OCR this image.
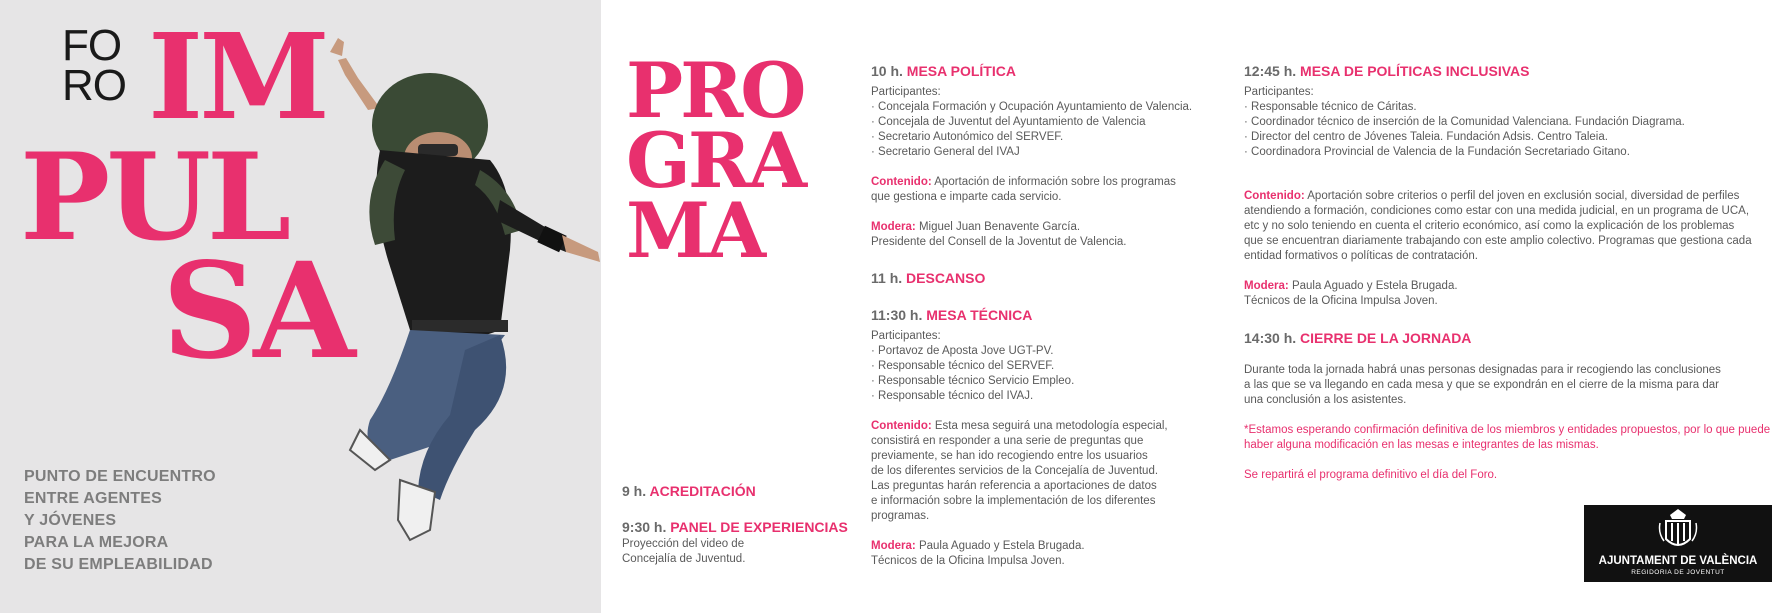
FO
RO IM
PUL
SA
PUNTO DE ENCUENTRO
ENTRE AGENTES
Y JÓVENES
PARA LA MEJORA
DE SU EMPLEABILIDAD
PRO
GRA
MA
9 h. ACREDITACIÓN
9:30 h. PANEL DE EXPERIENCIAS
Proyección del video de
Concejalía de Juventud.
10 h. MESA POLÍTICA
Participantes:
· Concejala Formación y Ocupación Ayuntamiento de Valencia.
· Concejala de Juventut del Ayuntamiento de Valencia
· Secretario Autonómico del SERVEF.
· Secretario General del IVAJ
Contenido: Aportación de información sobre los programas
que gestiona e imparte cada servicio.
Modera: Miguel Juan Benavente García.
Presidente del Consell de la Joventut de Valencia.
11 h. DESCANSO
11:30 h. MESA TÉCNICA
Participantes:
· Portavoz de Aposta Jove UGT-PV.
· Responsable técnico del SERVEF.
· Responsable técnico Servicio Empleo.
· Responsable técnico del IVAJ.
Contenido: Esta mesa seguirá una metodología especial,
consistirá en responder a una serie de preguntas que
previamente, se han ido recogiendo entre los usuarios
de los diferentes servicios de la Concejalía de Juventud.
Las preguntas harán referencia a aportaciones de datos
e información sobre la implementación de los diferentes
programas.
Modera: Paula Aguado y Estela Brugada.
Técnicos de la Oficina Impulsa Joven.
12:45 h. MESA DE POLÍTICAS INCLUSIVAS
Participantes:
· Responsable técnico de Cáritas.
· Coordinador técnico de inserción de la Comunidad Valenciana. Fundación Diagrama.
· Director del centro de Jóvenes Taleia. Fundación Adsis. Centro Taleia.
· Coordinadora Provincial de Valencia de la Fundación Secretariado Gitano.
Contenido: Aportación sobre criterios o perfil del joven en exclusión social, diversidad de perfiles
atendiendo a formación, condiciones como estar con una medida judicial, en un programa de UCA,
etc y no solo teniendo en cuenta el criterio económico, así como la explicación de los problemas
que se encuentran diariamente trabajando con este amplio colectivo. Programas que gestiona cada
entidad formativos o políticas de contratación.
Modera: Paula Aguado y Estela Brugada.
Técnicos de la Oficina Impulsa Joven.
14:30 h. CIERRE DE LA JORNADA
Durante toda la jornada habrá unas personas designadas para ir recogiendo las conclusiones
a las que se va llegando en cada mesa y que se expondrán en el cierre de la misma para dar
una conclusión a los asistentes.
*Estamos esperando confirmación definitiva de los miembros y entidades propuestos, por lo que puede
haber alguna modificación en las mesas e integrantes de las mismas.
Se repartirá el programa definitivo el día del Foro.
AJUNTAMENT DE VALÈNCIA
REGIDORIA DE JOVENTUT
